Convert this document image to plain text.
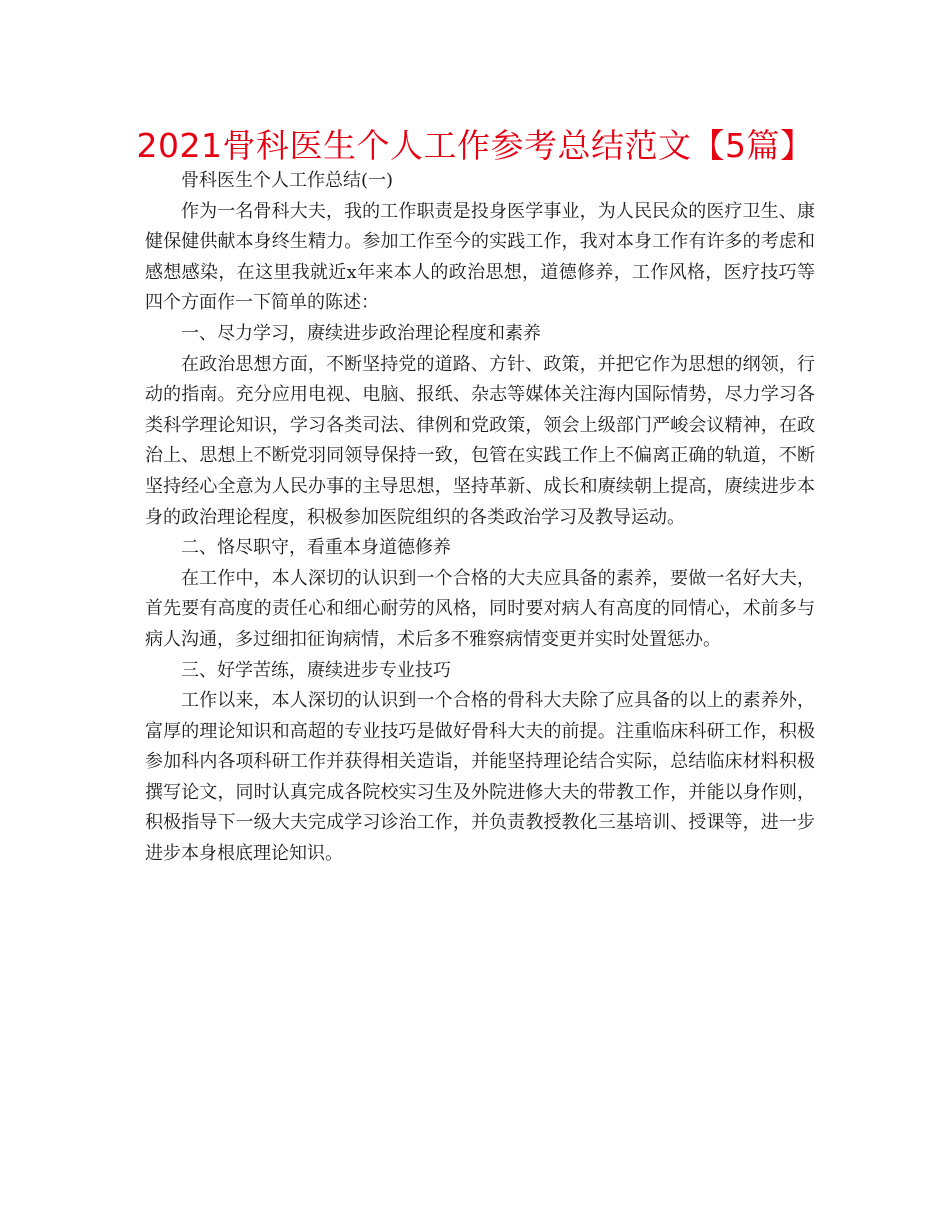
2021骨科医生个人工作参考总结范文【5篇】

骨科医生个人工作总结(一)

作为一名骨科大夫，我的工作职责是投身医学事业，为人民民众的医疗卫生、康健保健供献本身终生精力。参加工作至今的实践工作，我对本身工作有许多的考虑和感想感染，在这里我就近x年来本人的政治思想，道德修养，工作风格，医疗技巧等四个方面作一下简单的陈述：

一、尽力学习，赓续进步政治理论程度和素养

在政治思想方面，不断坚持党的道路、方针、政策，并把它作为思想的纲领，行动的指南。充分应用电视、电脑、报纸、杂志等媒体关注海内国际情势，尽力学习各类科学理论知识，学习各类司法、律例和党政策，领会上级部门严峻会议精神，在政治上、思想上不断党羽同领导保持一致，包管在实践工作上不偏离正确的轨道，不断坚持经心全意为人民办事的主导思想，坚持革新、成长和赓续朝上提高，赓续进步本身的政治理论程度，积极参加医院组织的各类政治学习及教导运动。

二、恪尽职守，看重本身道德修养

在工作中，本人深切的认识到一个合格的大夫应具备的素养，要做一名好大夫，首先要有高度的责任心和细心耐劳的风格，同时要对病人有高度的同情心，术前多与病人沟通，多过细扣征询病情，术后多不雅察病情变更并实时处置惩办。

三、好学苦练，赓续进步专业技巧

工作以来，本人深切的认识到一个合格的骨科大夫除了应具备的以上的素养外，富厚的理论知识和高超的专业技巧是做好骨科大夫的前提。注重临床科研工作，积极参加科内各项科研工作并获得相关造诣，并能坚持理论结合实际，总结临床材料积极撰写论文，同时认真完成各院校实习生及外院进修大夫的带教工作，并能以身作则，积极指导下一级大夫完成学习诊治工作，并负责教授教化三基培训、授课等，进一步进步本身根底理论知识。
